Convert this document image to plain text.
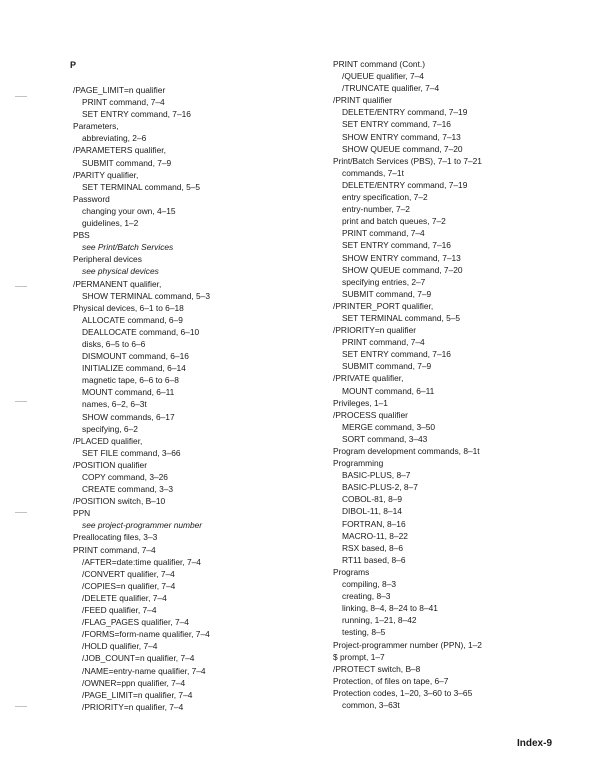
P
/PAGE_LIMIT=n qualifier
PRINT command, 7–4
SET ENTRY command, 7–16
Parameters,
abbreviating, 2–6
/PARAMETERS qualifier,
SUBMIT command, 7–9
/PARITY qualifier,
SET TERMINAL command, 5–5
Password
changing your own, 4–15
guidelines, 1–2
PBS
see Print/Batch Services
Peripheral devices
see physical devices
/PERMANENT qualifier,
SHOW TERMINAL command, 5–3
Physical devices, 6–1 to 6–18
ALLOCATE command, 6–9
DEALLOCATE command, 6–10
disks, 6–5 to 6–6
DISMOUNT command, 6–16
INITIALIZE command, 6–14
magnetic tape, 6–6 to 6–8
MOUNT command, 6–11
names, 6–2, 6–3t
SHOW commands, 6–17
specifying, 6–2
/PLACED qualifier,
SET FILE command, 3–66
/POSITION qualifier
COPY command, 3–26
CREATE command, 3–3
/POSITION switch, B–10
PPN
see project-programmer number
Preallocating files, 3–3
PRINT command, 7–4
/AFTER=date:time qualifier, 7–4
/CONVERT qualifier, 7–4
/COPIES=n qualifier, 7–4
/DELETE qualifier, 7–4
/FEED qualifier, 7–4
/FLAG_PAGES qualifier, 7–4
/FORMS=form-name qualifier, 7–4
/HOLD qualifier, 7–4
/JOB_COUNT=n qualifier, 7–4
/NAME=entry-name qualifier, 7–4
/OWNER=ppn qualifier, 7–4
/PAGE_LIMIT=n qualifier, 7–4
/PRIORITY=n qualifier, 7–4
PRINT command (Cont.)
/QUEUE qualifier, 7–4
/TRUNCATE qualifier, 7–4
/PRINT qualifier
DELETE/ENTRY command, 7–19
SET ENTRY command, 7–16
SHOW ENTRY command, 7–13
SHOW QUEUE command, 7–20
Print/Batch Services (PBS), 7–1 to 7–21
commands, 7–1t
DELETE/ENTRY command, 7–19
entry specification, 7–2
entry-number, 7–2
print and batch queues, 7–2
PRINT command, 7–4
SET ENTRY command, 7–16
SHOW ENTRY command, 7–13
SHOW QUEUE command, 7–20
specifying entries, 2–7
SUBMIT command, 7–9
/PRINTER_PORT qualifier,
SET TERMINAL command, 5–5
/PRIORITY=n qualifier
PRINT command, 7–4
SET ENTRY command, 7–16
SUBMIT command, 7–9
/PRIVATE qualifier,
MOUNT command, 6–11
Privileges, 1–1
/PROCESS qualifier
MERGE command, 3–50
SORT command, 3–43
Program development commands, 8–1t
Programming
BASIC-PLUS, 8–7
BASIC-PLUS-2, 8–7
COBOL-81, 8–9
DIBOL-11, 8–14
FORTRAN, 8–16
MACRO-11, 8–22
RSX based, 8–6
RT11 based, 8–6
Programs
compiling, 8–3
creating, 8–3
linking, 8–4, 8–24 to 8–41
running, 1–21, 8–42
testing, 8–5
Project-programmer number (PPN), 1–2
$ prompt, 1–7
/PROTECT switch, B–8
Protection, of files on tape, 6–7
Protection codes, 1–20, 3–60 to 3–65
common, 3–63t
Index-9
